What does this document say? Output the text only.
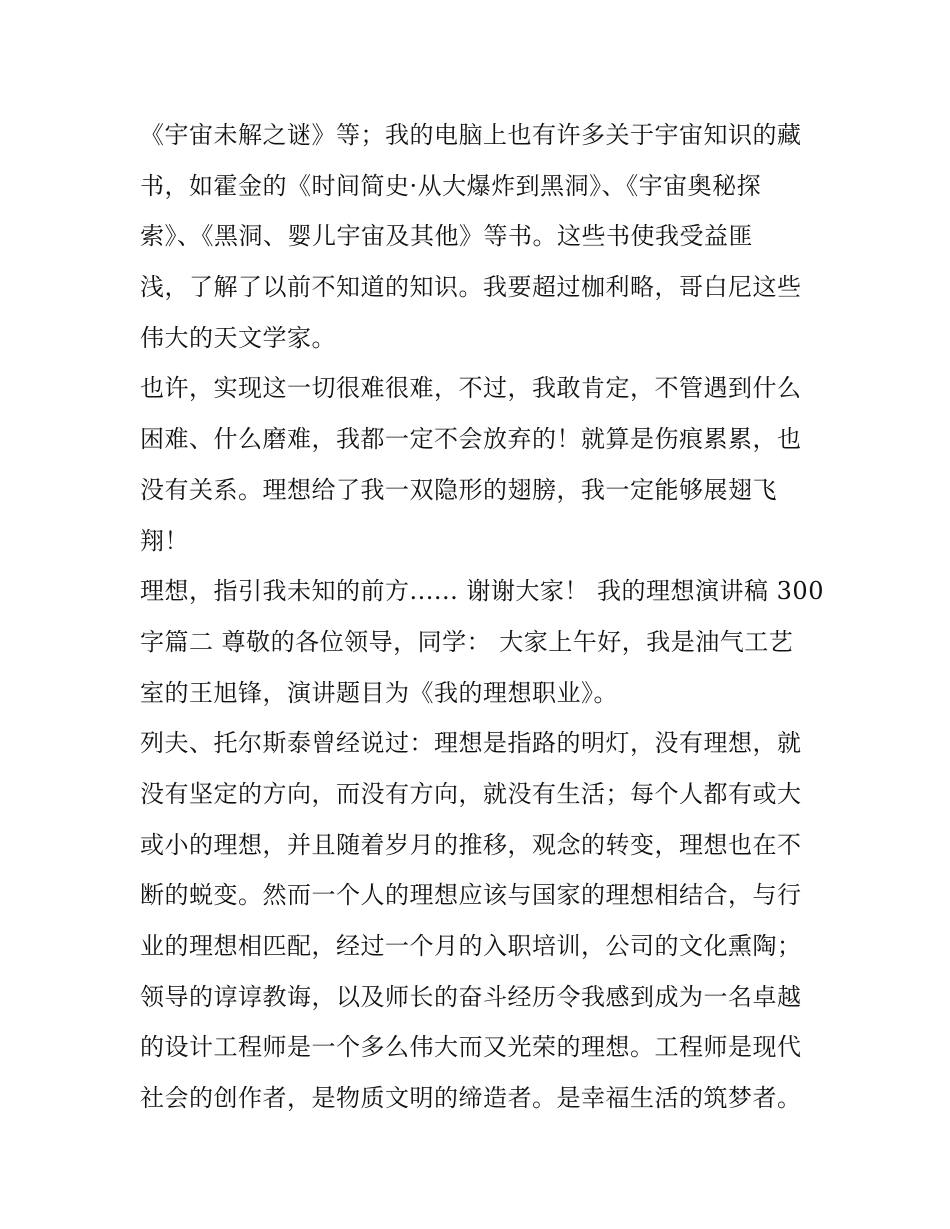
《宇宙未解之谜》等；我的电脑上也有许多关于宇宙知识的藏
书，如霍金的《时间简史·从大爆炸到黑洞》、《宇宙奥秘探
索》、《黑洞、婴儿宇宙及其他》等书。这些书使我受益匪
浅，了解了以前不知道的知识。我要超过枷利略，哥白尼这些
伟大的天文学家。
也许，实现这一切很难很难，不过，我敢肯定，不管遇到什么
困难、什么磨难，我都一定不会放弃的！就算是伤痕累累，也
没有关系。理想给了我一双隐形的翅膀，我一定能够展翅飞
翔！
理想，指引我未知的前方...... 谢谢大家！ 我的理想演讲稿 300
字篇二 尊敬的各位领导，同学： 大家上午好，我是油气工艺
室的王旭锋，演讲题目为《我的理想职业》。
列夫、托尔斯泰曾经说过：理想是指路的明灯，没有理想，就
没有坚定的方向，而没有方向，就没有生活；每个人都有或大
或小的理想，并且随着岁月的推移，观念的转变，理想也在不
断的蜕变。然而一个人的理想应该与国家的理想相结合，与行
业的理想相匹配，经过一个月的入职培训，公司的文化熏陶；
领导的谆谆教诲，以及师长的奋斗经历令我感到成为一名卓越
的设计工程师是一个多么伟大而又光荣的理想。工程师是现代
社会的创作者，是物质文明的缔造者。是幸福生活的筑梦者。
